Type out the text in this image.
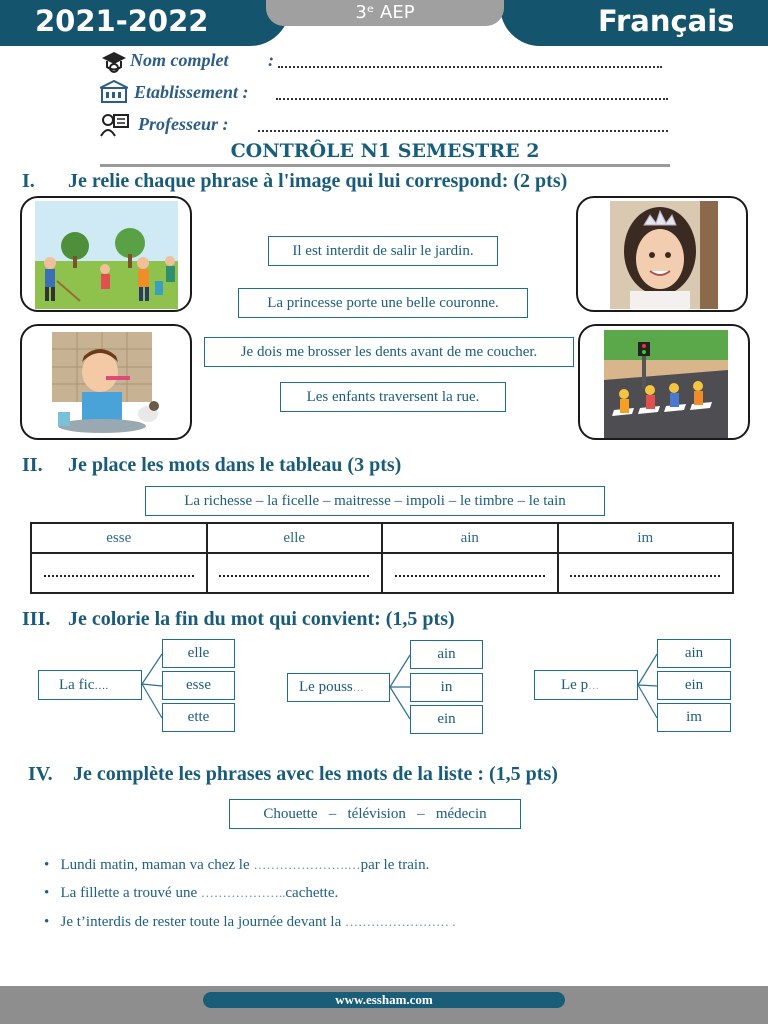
2021-2022	3ᵉ AEP	Français
Nom complet :
Etablissement :
Professeur :
CONTRÔLE N1 SEMESTRE 2
I. Je relie chaque phrase à l'image qui lui correspond: (2 pts)
Il est interdit de salir le jardin.
La princesse porte une belle couronne.
Je dois me brosser les dents avant de me coucher.
Les enfants traversent la rue.
II. Je place les mots dans le tableau (3 pts)
La richesse – la ficelle – maitresse – impoli – le timbre – le tain
esse	elle	ain	im

III. Je colorie la fin du mot qui convient: (1,5 pts)
La fic….
elle
esse
ette
Le pouss…
ain
in
ein
Le p…
ain
ein
im
IV. Je complète les phrases avec les mots de la liste : (1,5 pts)
Chouette   –   télévision   –   médecin
•   Lundi matin, maman va chez le ………………….…par le train.
•   La fillette a trouvé une ………………..cachette.
•   Je t’interdis de rester toute la journée devant la …………………… .
www.essham.com
